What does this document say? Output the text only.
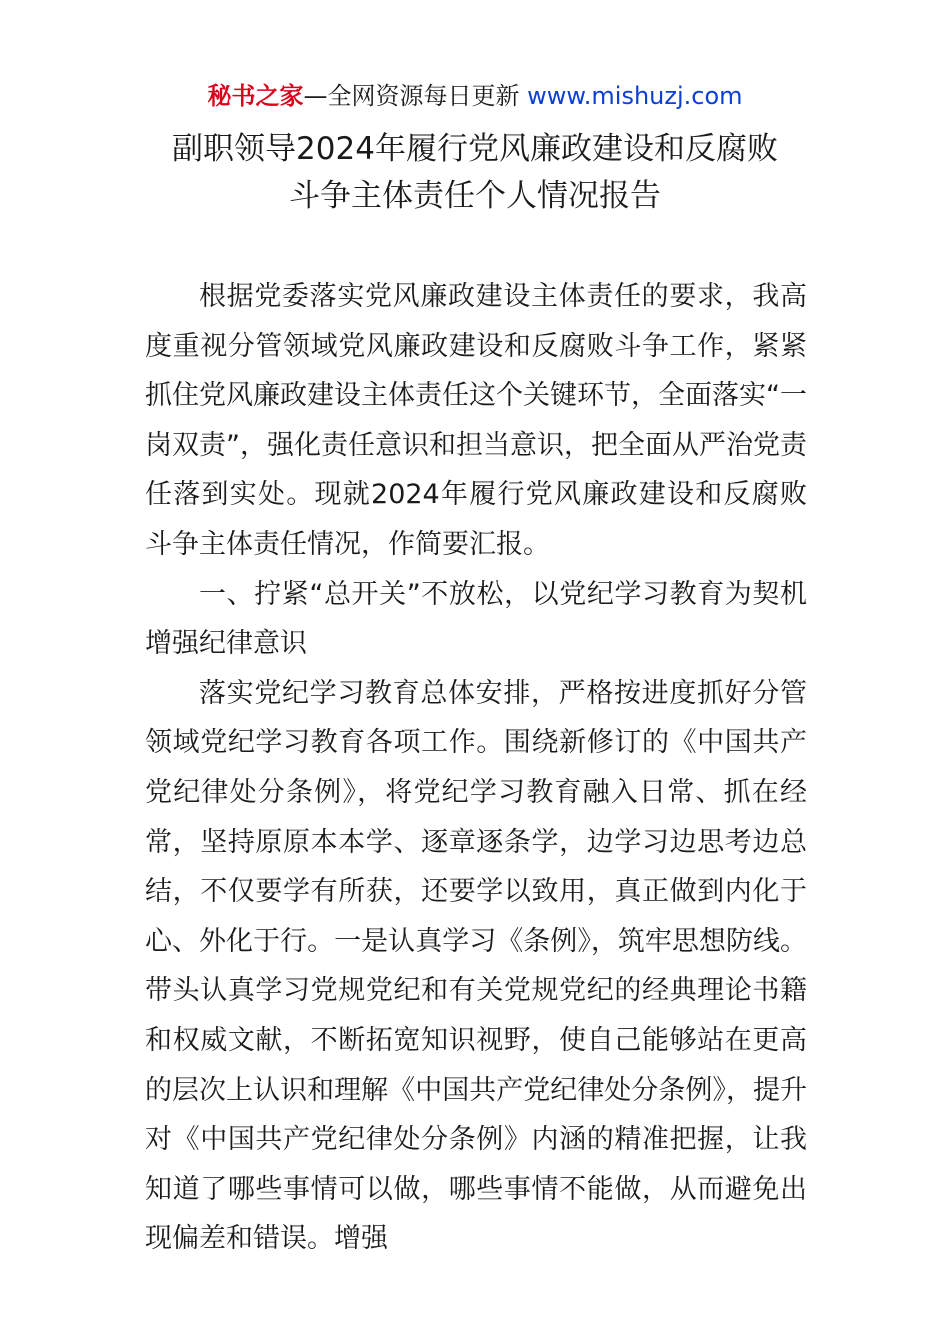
秘书之家—全网资源每日更新 www.mishuzj.com
副职领导2024年履行党风廉政建设和反腐败
斗争主体责任个人情况报告

根据党委落实党风廉政建设主体责任的要求，我高度重视分管领域党风廉政建设和反腐败斗争工作，紧紧抓住党风廉政建设主体责任这个关键环节，全面落实“一岗双责”，强化责任意识和担当意识，把全面从严治党责任落到实处。现就2024年履行党风廉政建设和反腐败斗争主体责任情况，作简要汇报。

一、拧紧“总开关”不放松，以党纪学习教育为契机增强纪律意识

落实党纪学习教育总体安排，严格按进度抓好分管领域党纪学习教育各项工作。围绕新修订的《中国共产党纪律处分条例》，将党纪学习教育融入日常、抓在经常，坚持原原本本学、逐章逐条学，边学习边思考边总结，不仅要学有所获，还要学以致用，真正做到内化于心、外化于行。一是认真学习《条例》，筑牢思想防线。带头认真学习党规党纪和有关党规党纪的经典理论书籍和权威文献，不断拓宽知识视野，使自己能够站在更高的层次上认识和理解《中国共产党纪律处分条例》，提升对《中国共产党纪律处分条例》内涵的精准把握，让我知道了哪些事情可以做，哪些事情不能做，从而避免出现偏差和错误。增强
